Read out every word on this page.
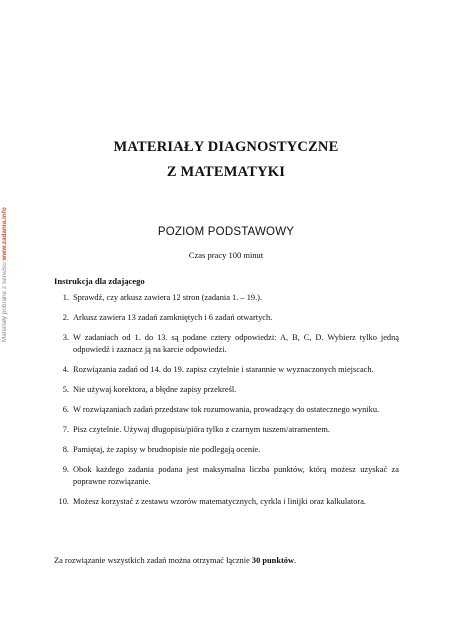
Materiały pobrane z serwisu www.zadania.info
MATERIAŁY DIAGNOSTYCZNE
Z MATEMATYKI
POZIOM PODSTAWOWY
Czas pracy 100 minut
Instrukcja dla zdającego
1. Sprawdź, czy arkusz zawiera 12 stron (zadania 1. – 19.).
2. Arkusz zawiera 13 zadań zamkniętych i 6 zadań otwartych.
3. W zadaniach od 1. do 13. są podane cztery odpowiedzi: A, B, C, D. Wybierz tylko jedną odpowiedź i zaznacz ją na karcie odpowiedzi.
4. Rozwiązania zadań od 14. do 19. zapisz czytelnie i starannie w wyznaczonych miejscach.
5. Nie używaj korektora, a błędne zapisy przekreśl.
6. W rozwiązaniach zadań przedstaw tok rozumowania, prowadzący do ostatecznego wyniku.
7. Pisz czytelnie. Używaj długopisu/pióra tylko z czarnym tuszem/atramentem.
8. Pamiętaj, że zapisy w brudnopisie nie podlegają ocenie.
9. Obok każdego zadania podana jest maksymalna liczba punktów, którą możesz uzyskać za poprawne rozwiązanie.
10. Możesz korzystać z zestawu wzorów matematycznych, cyrkla i linijki oraz kalkulatora.
Za rozwiązanie wszystkich zadań można otrzymać łącznie 30 punktów.
